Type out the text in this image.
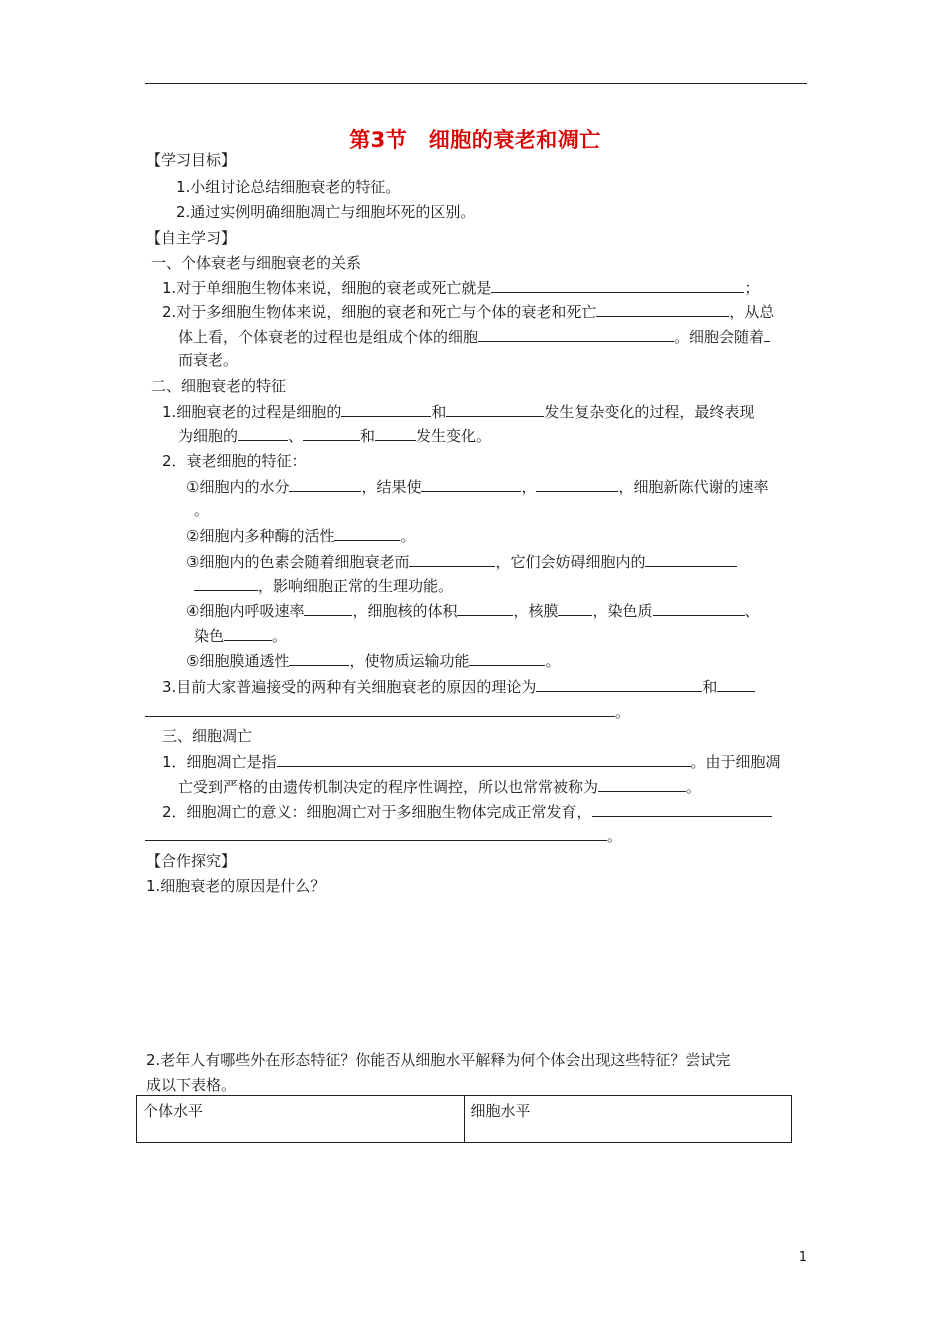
第3节　细胞的衰老和凋亡
【学习目标】
1.小组讨论总结细胞衰老的特征。
2.通过实例明确细胞凋亡与细胞坏死的区别。
【自主学习】
一、个体衰老与细胞衰老的关系
1.对于单细胞生物体来说，细胞的衰老或死亡就是	；
2.对于多细胞生物体来说，细胞的衰老和死亡与个体的衰老和死亡	，从总
体上看，个体衰老的过程也是组成个体的细胞	。细胞会随着
而衰老。
二、细胞衰老的特征
1.细胞衰老的过程是细胞的	和	发生复杂变化的过程，最终表现
为细胞的	、	和	发生变化。
2．衰老细胞的特征：
①细胞内的水分	，结果使	，	，细胞新陈代谢的速率
。
②细胞内多种酶的活性	。
③细胞内的色素会随着细胞衰老而	，它们会妨碍细胞内的
，影响细胞正常的生理功能。
④细胞内呼吸速率	，细胞核的体积	，核膜 ，染色质	、
染色	。
⑤细胞膜通透性	，使物质运输功能	。
3.目前大家普遍接受的两种有关细胞衰老的原因的理论为	和
。
三、细胞凋亡
1．细胞凋亡是指	。由于细胞凋
亡受到严格的由遗传机制决定的程序性调控，所以也常常被称为	。
2．细胞凋亡的意义：细胞凋亡对于多细胞生物体完成正常发育，
。
【合作探究】
1.细胞衰老的原因是什么？
2.老年人有哪些外在形态特征？你能否从细胞水平解释为何个体会出现这些特征？尝试完
成以下表格。
个体水平	细胞水平
1
